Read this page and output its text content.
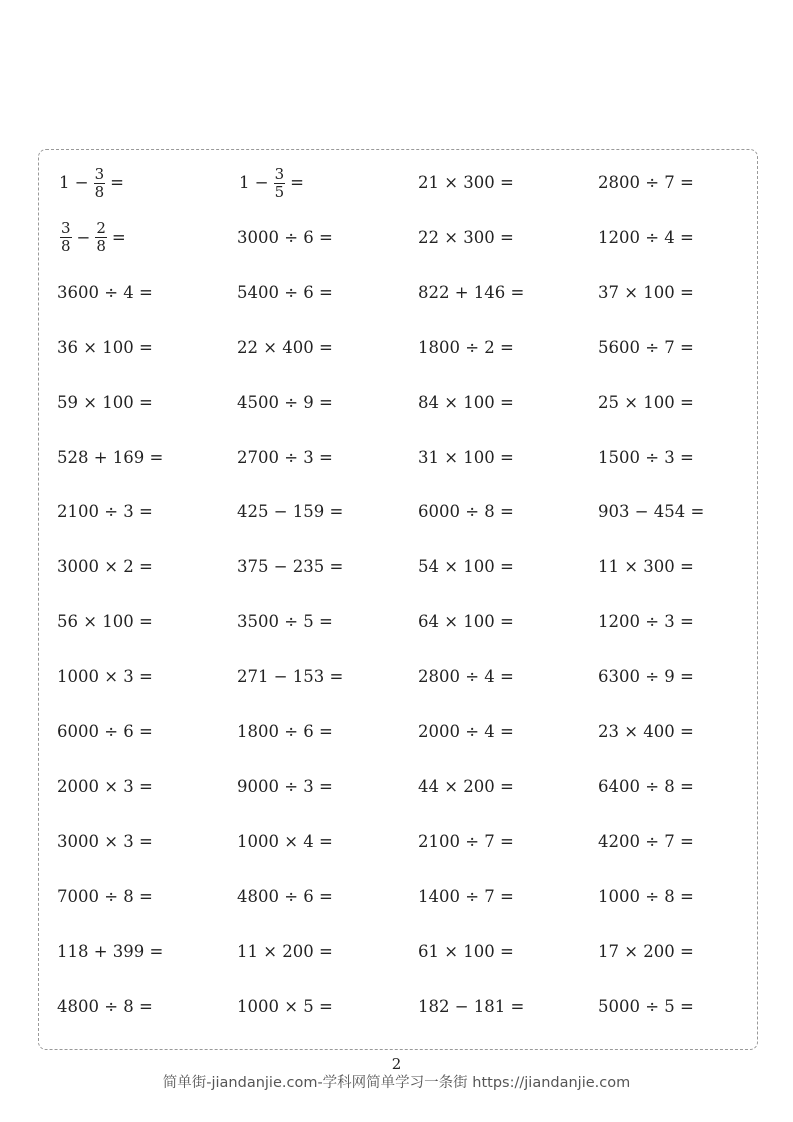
$1 - \frac{3}{8}$ =	$1 - \frac{3}{5}$ =	21 × 300 =	2800 ÷ 7 =
$\frac{3}{8} - \frac{2}{8}$ =	3000 ÷ 6 =	22 × 300 =	1200 ÷ 4 =
3600 ÷ 4 =	5400 ÷ 6 =	822 + 146 =	37 × 100 =
36 × 100 =	22 × 400 =	1800 ÷ 2 =	5600 ÷ 7 =
59 × 100 =	4500 ÷ 9 =	84 × 100 =	25 × 100 =
528 + 169 =	2700 ÷ 3 =	31 × 100 =	1500 ÷ 3 =
2100 ÷ 3 =	425 − 159 =	6000 ÷ 8 =	903 − 454 =
3000 × 2 =	375 − 235 =	54 × 100 =	11 × 300 =
56 × 100 =	3500 ÷ 5 =	64 × 100 =	1200 ÷ 3 =
1000 × 3 =	271 − 153 =	2800 ÷ 4 =	6300 ÷ 9 =
6000 ÷ 6 =	1800 ÷ 6 =	2000 ÷ 4 =	23 × 400 =
2000 × 3 =	9000 ÷ 3 =	44 × 200 =	6400 ÷ 8 =
3000 × 3 =	1000 × 4 =	2100 ÷ 7 =	4200 ÷ 7 =
7000 ÷ 8 =	4800 ÷ 6 =	1400 ÷ 7 =	1000 ÷ 8 =
118 + 399 =	11 × 200 =	61 × 100 =	17 × 200 =
4800 ÷ 8 =	1000 × 5 =	182 − 181 =	5000 ÷ 5 =
2
简单街-jiandanjie.com-学科网简单学习一条街 https://jiandanjie.com
